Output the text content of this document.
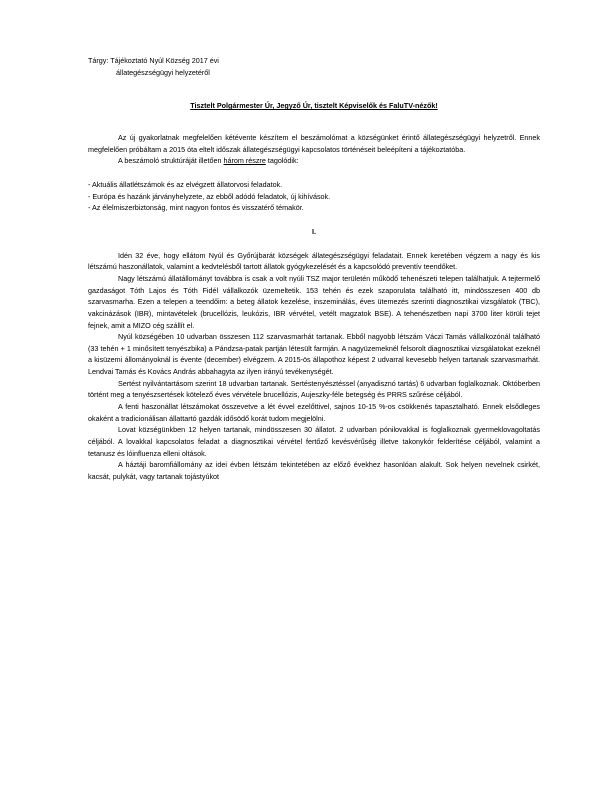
Tárgy: Tájékoztató Nyúl Község 2017 évi

állategészségügyi helyzetéről

Tisztelt Polgármester Úr, Jegyző Úr, tisztelt Képviselők és FaluTV-nézők!

Az új gyakorlatnak megfelelően kétévente készítem el beszámolómat a községünket érintő állategészségügyi helyzetről. Ennek megfelelően próbáltam a 2015 óta eltelt időszak állategészségügyi kapcsolatos történéseit beleépíteni a tájékoztatóba.

A beszámoló struktúráját illetően három részre tagolódik:

- Aktuális állatlétszámok és az elvégzett állatorvosi feladatok.
- Európa és hazánk járványhelyzete, az ebből adódó feladatok, új kihívások.
- Az élelmiszerbiztonság, mint nagyon fontos és visszatérő témakör.

I.

Idén 32 éve, hogy ellátom Nyúl és Győrújbarát községek állategészségügyi feladatait. Ennek keretében végzem a nagy és kis létszámú haszonállatok, valamint a kedvtelésből tartott állatok gyógykezelését és a kapcsolódó preventív teendőket.

Nagy létszámú állatállományt továbbra is csak a volt nyúli TSZ major területén működő tehenészeti telepen találhatjuk. A tejtermelő gazdaságot Tóth Lajos és Tóth Fidél vállalkozók üzemeltetik. 153 tehén és ezek szaporulata található itt, mindösszesen 400 db szarvasmarha. Ezen a telepen a teendőim: a beteg állatok kezelése, inszeminálás, éves ütemezés szerinti diagnosztikai vizsgálatok (TBC), vakcinázások (IBR), mintavételek (brucellózis, leukózis, IBR vérvétel, vetélt magzatok BSE). A tehenészetben napi 3700 liter körüli tejet fejnek, amit a MIZO cég szállít el.

Nyúl községében 10 udvarban összesen 112 szarvasmarhát tartanak. Ebből nagyobb létszám Váczi Tamás vállalkozónál található (33 tehén + 1 minősített tenyészbika) a Pándzsa-patak partján létesült farmján. A nagyüzemeknél felsorolt diagnosztikai vizsgálatokat ezeknél a kisüzemi állományoknál is évente (december) elvégzem. A 2015-ös állapothoz képest 2 udvarral kevesebb helyen tartanak szarvasmarhát. Lendvai Tamás és Kovács András abbahagyta az ilyen irányú tevékenységét.

Sertést nyilvántartásom szerint 18 udvarban tartanak. Sertéstenyésztéssel (anyadisznó tartás) 6 udvarban foglalkoznak. Októberben történt meg a tenyészsertések kötelező éves vérvétele brucellózis, Aujeszky-féle betegség és PRRS szűrése céljából.

A fenti haszonállat létszámokat összevetve a lét évvel ezelőttivel, sajnos 10-15 %-os csökkenés tapasztalható. Ennek elsődleges okaként a tradicionálisan állattartó gazdák idősödő korát tudom megjelölni.

Lovat községünkben 12 helyen tartanak, mindösszesen 30 állatot. 2 udvarban pónilovakkal is foglalkoznak gyermeklovagoltatás céljából. A lovakkal kapcsolatos feladat a diagnosztikai vérvétel fertőző kevésvérűség illetve takonykór felderítése céljából, valamint a tetanusz és lóinfluenza elleni oltások.

A háztáji baromfiállomány az idei évben létszám tekintetében az előző évekhez hasonlóan alakult. Sok helyen nevelnek csirkét, kacsát, pulykát, vagy tartanak tojástyúkot
